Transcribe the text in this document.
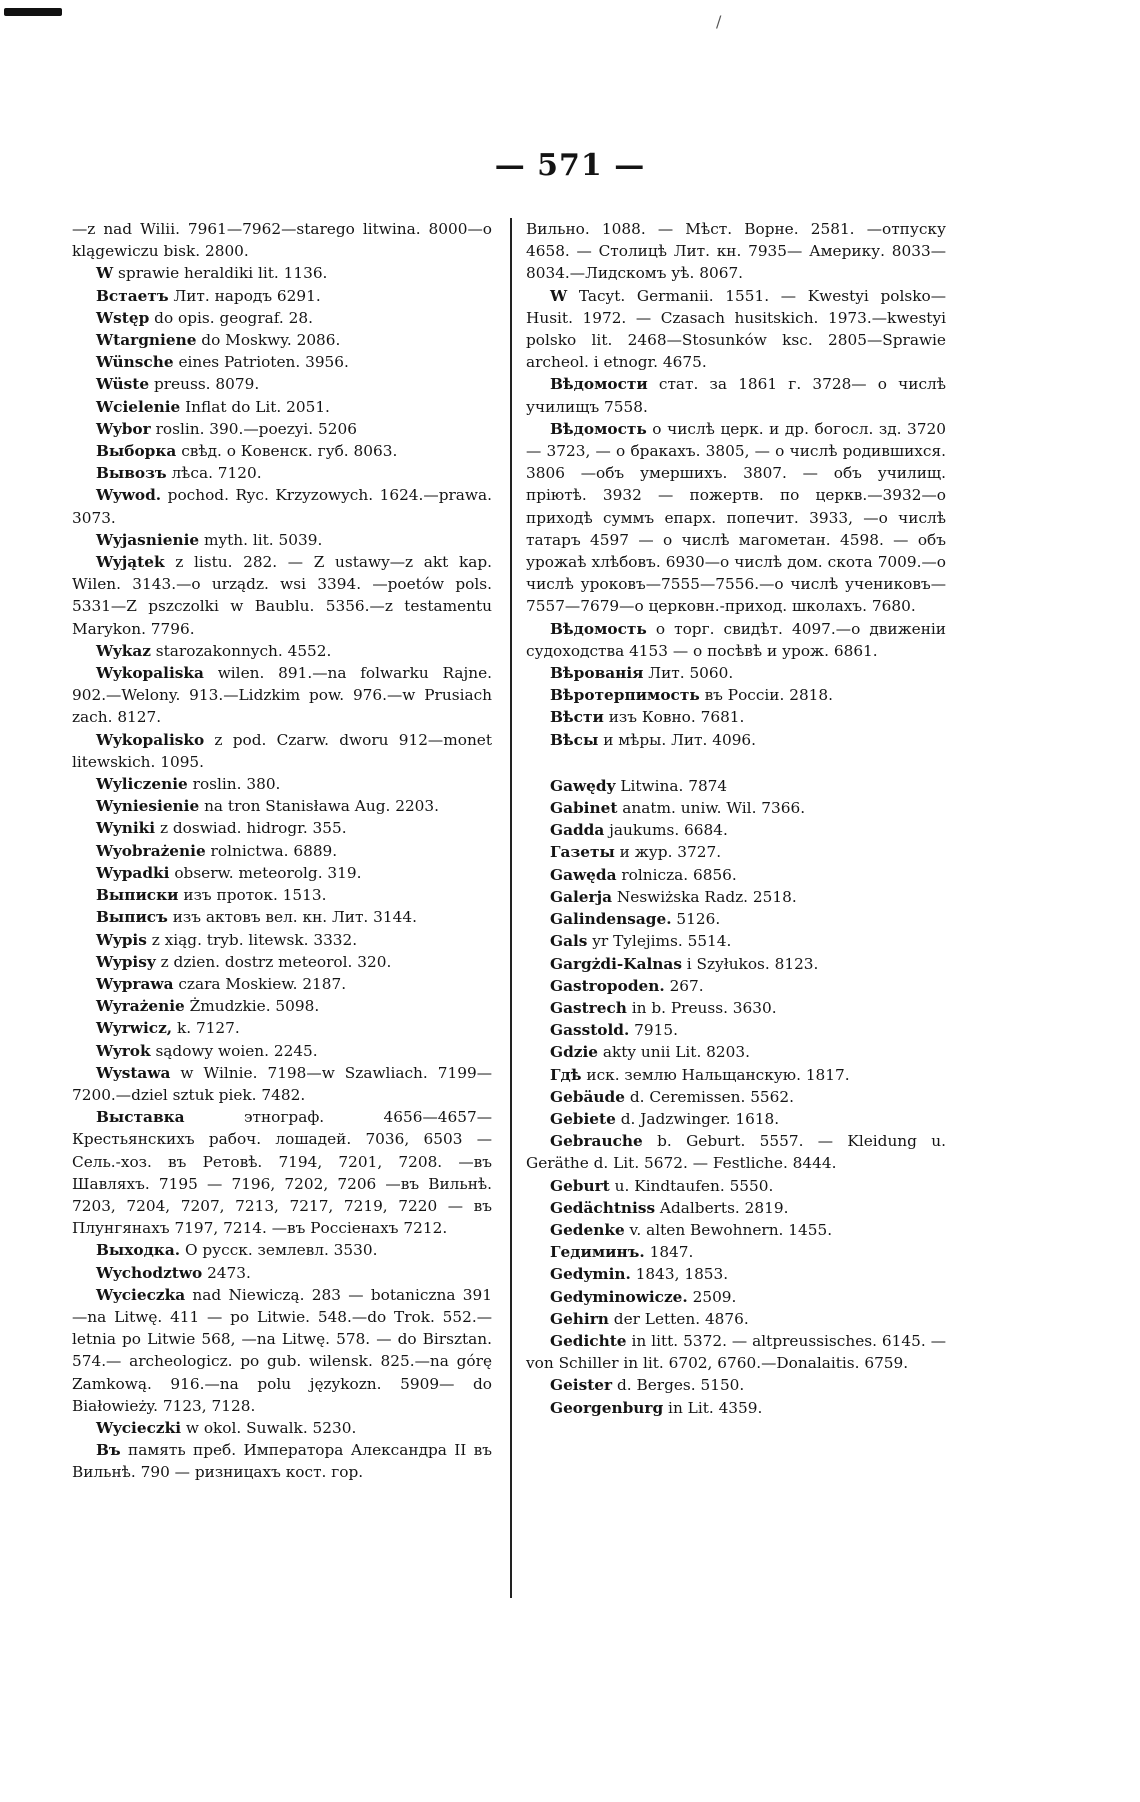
/
— 571 —
—z nad Wilii. 7961—7962—starego litwina. 8000—o klągewiczu bisk. 2800.
W sprawie heraldiki lit. 1136.
Встаетъ Лит. народъ 6291.
Wstęp do opis. geograf. 28.
Wtargniene do Moskwy. 2086.
Wünsche eines Patrioten. 3956.
Wüste preuss. 8079.
Wcielenie Inflat do Lit. 2051.
Wybor roslin. 390.—poezyi. 5206
Выборка свѣд. о Ковенск. губ. 8063.
Вывозъ лѣса. 7120.
Wywod. pochod. Ryc. Krzyzowych. 1624.—prawa. 3073.
Wyjasnienie myth. lit. 5039.
Wyjątek z listu. 282. — Z ustawy—z akt kap. Wilen. 3143.—o urządz. wsi 3394. —poetów pols. 5331—Z pszczolki w Baublu. 5356.—z testamentu Marykon. 7796.
Wykaz starozakonnych. 4552.
Wykopaliska wilen. 891.—na folwarku Rajne. 902.—Welony. 913.—Lidzkim pow. 976.—w Prusiach zach. 8127.
Wykopalisko z pod. Czarw. dworu 912—monet litewskich. 1095.
Wyliczenie roslin. 380.
Wyniesienie na tron Stanisława Aug. 2203.
Wyniki z doswiad. hidrogr. 355.
Wyobrażenie rolnictwa. 6889.
Wypadki obserw. meteorolg. 319.
Выписки изъ проток. 1513.
Выписъ изъ актовъ вел. кн. Лит. 3144.
Wypis z xiąg. tryb. litewsk. 3332.
Wypisy z dzien. dostrz meteorol. 320.
Wyprawa czara Moskiew. 2187.
Wyrażenie Żmudzkie. 5098.
Wyrwicz, k. 7127.
Wyrok sądowy woien. 2245.
Wystawa w Wilnie. 7198—w Szawliach. 7199—7200.—dziel sztuk piek. 7482.
Выставка этнограф. 4656—4657—Крестьянскихъ рабоч. лошадей. 7036, 6503 —Сель.-хоз. въ Ретовѣ. 7194, 7201, 7208. —въ Шавляхъ. 7195 — 7196, 7202, 7206 —въ Вильнѣ. 7203, 7204, 7207, 7213, 7217, 7219, 7220 — въ Плунгянахъ 7197, 7214. —въ Россіенахъ 7212.
Выходка. О русск. землевл. 3530.
Wychodztwo 2473.
Wycieczka nad Niewiczą. 283 — botaniczna 391—na Litwę. 411 — po Litwie. 548.—do Trok. 552.—letnia po Litwie 568, —na Litwę. 578. — do Birsztan. 574.— archeologicz. po gub. wilensk. 825.—na górę Zamkową. 916.—na polu językozn. 5909— do Białowieży. 7123, 7128.
Wycieczki w okol. Suwalk. 5230.
Въ память преб. Императора Александра II въ Вильнѣ. 790 — ризницахъ кост. гор.
Вильно. 1088. — Мѣст. Ворне. 2581. —отпуску 4658. — Столицѣ Лит. кн. 7935— Америку. 8033—8034.—Лидскомъ уѣ. 8067.
W Tacyt. Germanii. 1551. — Kwestyi polsko—Husit. 1972. — Czasach husitskich. 1973.—kwestyi polsko lit. 2468—Stosunków ksc. 2805—Sprawie archeol. i etnogr. 4675.
Вѣдомости стат. за 1861 г. 3728— о числѣ училищъ 7558.
Вѣдомость о числѣ церк. и др. богосл. зд. 3720 — 3723, — о бракахъ. 3805, — о числѣ родившихся. 3806 —объ умершихъ. 3807. — объ училищ. пріютѣ. 3932 — пожертв. по церкв.—3932—о приходѣ суммъ епарх. попечит. 3933, —о числѣ татаръ 4597 — о числѣ магометан. 4598. — объ урожаѣ хлѣбовъ. 6930—о числѣ дом. скота 7009.—о числѣ уроковъ—7555—7556.—о числѣ учениковъ—7557—7679—о церковн.-приход. школахъ. 7680.
Вѣдомость о торг. свидѣт. 4097.—о движеніи судоходства 4153 — о посѣвѣ и урож. 6861.
Вѣрованія Лит. 5060.
Вѣротерпимость въ Россіи. 2818.
Вѣсти изъ Ковно. 7681.
Вѣсы и мѣры. Лит. 4096.
Gawędy Litwina. 7874
Gabinet anatm. uniw. Wil. 7366.
Gadda jaukums. 6684.
Газеты и жур. 3727.
Gawęda rolnicza. 6856.
Galerja Neswiżska Radz. 2518.
Galindensage. 5126.
Gals yr Tylejims. 5514.
Gargżdi-Kalnas i Szyłukos. 8123.
Gastropoden. 267.
Gastrech in b. Preuss. 3630.
Gasstold. 7915.
Gdzie akty unii Lit. 8203.
Гдѣ иск. землю Нальщанскую. 1817.
Gebäude d. Ceremissen. 5562.
Gebiete d. Jadzwinger. 1618.
Gebrauche b. Geburt. 5557. — Kleidung u. Geräthe d. Lit. 5672. — Festliche. 8444.
Geburt u. Kindtaufen. 5550.
Gedächtniss Adalberts. 2819.
Gedenke v. alten Bewohnern. 1455.
Гедиминъ. 1847.
Gedymin. 1843, 1853.
Gedyminowicze. 2509.
Gehirn der Letten. 4876.
Gedichte in litt. 5372. — altpreussisches. 6145. — von Schiller in lit. 6702, 6760.—Donalaitis. 6759.
Geister d. Berges. 5150.
Georgenburg in Lit. 4359.
